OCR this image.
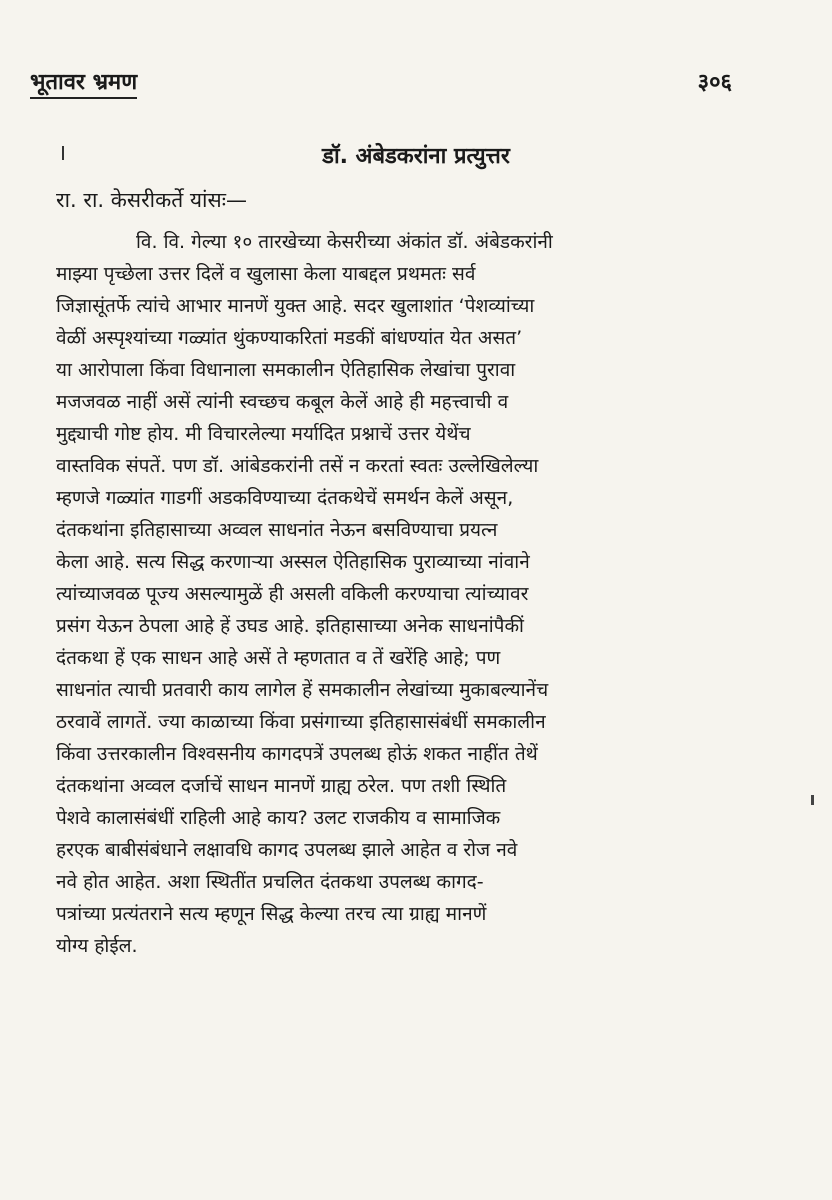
भूतावर भ्रमण	३०६
डॉ. अंबेडकरांना प्रत्युत्तर
रा. रा. केसरीकर्ते यांसः—
वि. वि. गेल्या १० तारखेच्या केसरीच्या अंकांत डॉ. अंबेडकरांनी
माझ्या पृच्छेला उत्तर दिलें व खुलासा केला याबद्दल प्रथमतः सर्व
जिज्ञासूंतर्फे त्यांचे आभार मानणें युक्त आहे. सदर खुलाशांत ‘पेशव्यांच्या
वेळीं अस्पृश्यांच्या गळ्यांत थुंकण्याकरितां मडकीं बांधण्यांत येत असत’
या आरोपाला किंवा विधानाला समकालीन ऐतिहासिक लेखांचा पुरावा
मजजवळ नाहीं असें त्यांनी स्वच्छच कबूल केलें आहे ही महत्त्वाची व
मुद्द्याची गोष्ट होय. मी विचारलेल्या मर्यादित प्रश्नाचें उत्तर येथेंच
वास्तविक संपतें. पण डॉ. आंबेडकरांनी तसें न करतां स्वतः उल्लेखिलेल्या
म्हणजे गळ्यांत गाडगीं अडकविण्याच्या दंतकथेचें समर्थन केलें असून,
दंतकथांना इतिहासाच्या अव्वल साधनांत नेऊन बसविण्याचा प्रयत्न
केला आहे. सत्य सिद्ध करणाऱ्या अस्सल ऐतिहासिक पुराव्याच्या नांवाने
त्यांच्याजवळ पूज्य असल्यामुळें ही असली वकिली करण्याचा त्यांच्यावर
प्रसंग येऊन ठेपला आहे हें उघड आहे. इतिहासाच्या अनेक साधनांपैकीं
दंतकथा हें एक साधन आहे असें ते म्हणतात व तें खरेंहि आहे; पण
साधनांत त्याची प्रतवारी काय लागेल हें समकालीन लेखांच्या मुकाबल्यानेंच
ठरवावें लागतें. ज्या काळाच्या किंवा प्रसंगाच्या इतिहासासंबंधीं समकालीन
किंवा उत्तरकालीन विश्वसनीय कागदपत्रें उपलब्ध होऊं शकत नाहींत तेथें
दंतकथांना अव्वल दर्जाचें साधन मानणें ग्राह्य ठरेल. पण तशी स्थिति
पेशवे कालासंबंधीं राहिली आहे काय? उलट राजकीय व सामाजिक
हरएक बाबीसंबंधाने लक्षावधि कागद उपलब्ध झाले आहेत व रोज नवे
नवे होत आहेत. अशा स्थितींत प्रचलित दंतकथा उपलब्ध कागद-
पत्रांच्या प्रत्यंतराने सत्य म्हणून सिद्ध केल्या तरच त्या ग्राह्य मानणें
योग्य होईल.
